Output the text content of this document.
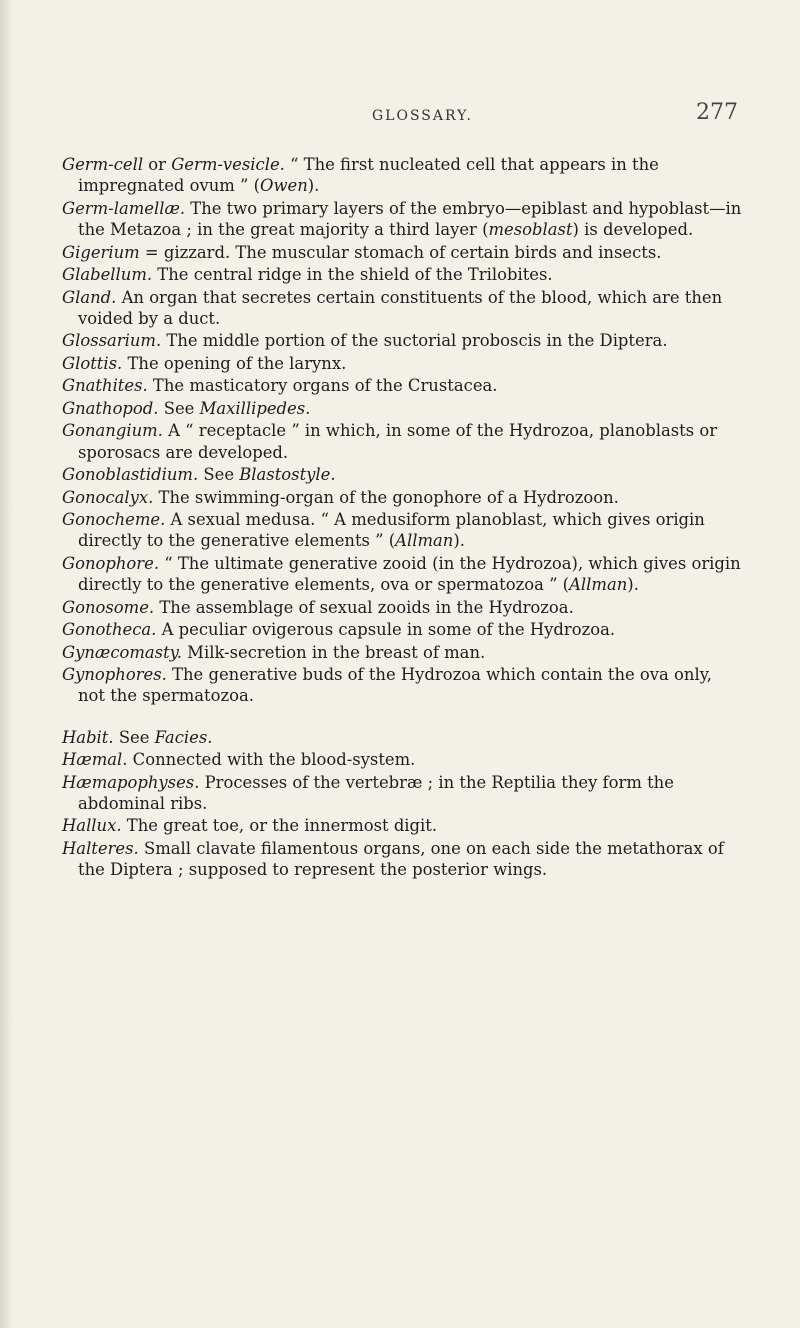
GLOSSARY.	277

Germ-cell or Germ-vesicle. “ The first nucleated cell that appears in the impregnated ovum ” (Owen).

Germ-lamellæ. The two primary layers of the embryo—epiblast and hypoblast—in the Metazoa ; in the great majority a third layer (mesoblast) is developed.

Gigerium = gizzard. The muscular stomach of certain birds and insects.

Glabellum. The central ridge in the shield of the Trilobites.

Gland. An organ that secretes certain constituents of the blood, which are then voided by a duct.

Glossarium. The middle portion of the suctorial proboscis in the Diptera.

Glottis. The opening of the larynx.

Gnathites. The masticatory organs of the Crustacea.

Gnathopod. See Maxillipedes.

Gonangium. A “ receptacle ” in which, in some of the Hydrozoa, planoblasts or sporosacs are developed.

Gonoblastidium. See Blastostyle.

Gonocalyx. The swimming-organ of the gonophore of a Hydrozoon.

Gonocheme. A sexual medusa. “ A medusiform planoblast, which gives origin directly to the generative elements ” (Allman).

Gonophore. “ The ultimate generative zooid (in the Hydrozoa), which gives origin directly to the generative elements, ova or spermatozoa ” (Allman).

Gonosome. The assemblage of sexual zooids in the Hydrozoa.

Gonotheca. A peculiar ovigerous capsule in some of the Hydrozoa.

Gynæcomasty. Milk-secretion in the breast of man.

Gynophores. The generative buds of the Hydrozoa which contain the ova only, not the spermatozoa.

Habit. See Facies.

Hæmal. Connected with the blood-system.

Hæmapophyses. Processes of the vertebræ ; in the Reptilia they form the abdominal ribs.

Hallux. The great toe, or the innermost digit.

Halteres. Small clavate filamentous organs, one on each side the metathorax of the Diptera ; supposed to represent the posterior wings.
